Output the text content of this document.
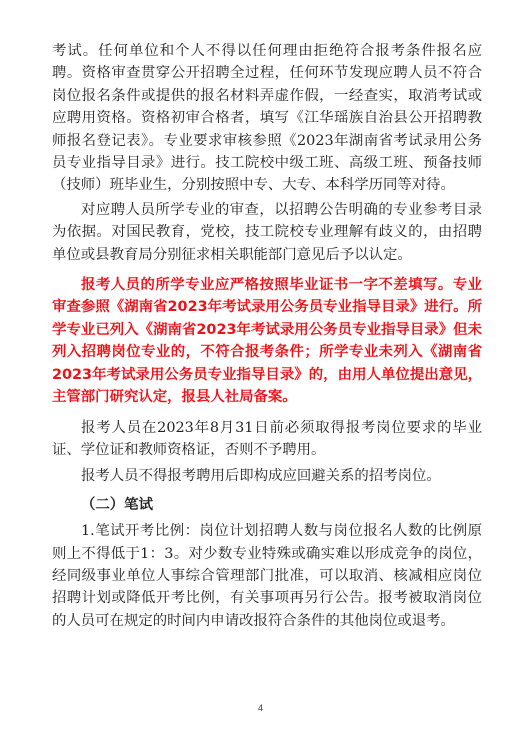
考试。任何单位和个人不得以任何理由拒绝符合报考条件报名应聘。资格审查贯穿公开招聘全过程，任何环节发现应聘人员不符合岗位报名条件或提供的报名材料弄虚作假，一经查实，取消考试或应聘用资格。资格初审合格者，填写《江华瑶族自治县公开招聘教师报名登记表》。专业要求审核参照《2023年湖南省考试录用公务员专业指导目录》进行。技工院校中级工班、高级工班、预备技师（技师）班毕业生，分别按照中专、大专、本科学历同等对待。

对应聘人员所学专业的审查，以招聘公告明确的专业参考目录为依据。对国民教育，党校，技工院校专业理解有歧义的，由招聘单位或县教育局分别征求相关职能部门意见后予以认定。

报考人员的所学专业应严格按照毕业证书一字不差填写。专业审查参照《湖南省2023年考试录用公务员专业指导目录》进行。所学专业已列入《湖南省2023年考试录用公务员专业指导目录》但未列入招聘岗位专业的，不符合报考条件；所学专业未列入《湖南省2023年考试录用公务员专业指导目录》的，由用人单位提出意见，主管部门研究认定，报县人社局备案。

报考人员在2023年8月31日前必须取得报考岗位要求的毕业证、学位证和教师资格证，否则不予聘用。

报考人员不得报考聘用后即构成应回避关系的招考岗位。

（二）笔试

1.笔试开考比例：岗位计划招聘人数与岗位报名人数的比例原则上不得低于1：3。对少数专业特殊或确实难以形成竞争的岗位，经同级事业单位人事综合管理部门批准，可以取消、核减相应岗位招聘计划或降低开考比例，有关事项再另行公告。报考被取消岗位的人员可在规定的时间内申请改报符合条件的其他岗位或退考。

4
